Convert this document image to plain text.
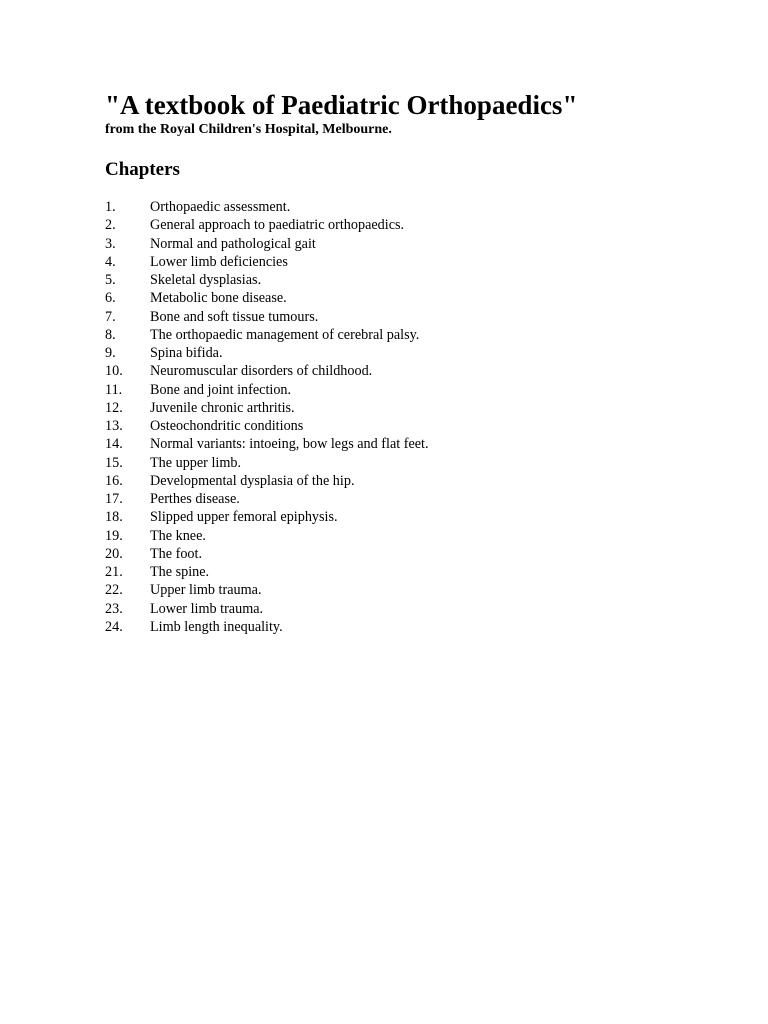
"A textbook of Paediatric Orthopaedics"

from the Royal Children's Hospital, Melbourne.

Chapters
1.	Orthopaedic assessment.
2.	General approach to paediatric orthopaedics.
3.	Normal and pathological gait
4.	Lower limb deficiencies
5.	Skeletal dysplasias.
6.	Metabolic bone disease.
7.	Bone and soft tissue tumours.
8.	The orthopaedic management of cerebral palsy.
9.	Spina bifida.
10.	Neuromuscular disorders of childhood.
11.	Bone and joint infection.
12.	Juvenile chronic arthritis.
13.	Osteochondritic conditions
14.	Normal variants: intoeing, bow legs and flat feet.
15.	The upper limb.
16.	Developmental dysplasia of the hip.
17.	Perthes disease.
18.	Slipped upper femoral epiphysis.
19.	The knee.
20.	The foot.
21.	The spine.
22.	Upper limb trauma.
23.	Lower limb trauma.
24.	Limb length inequality.
